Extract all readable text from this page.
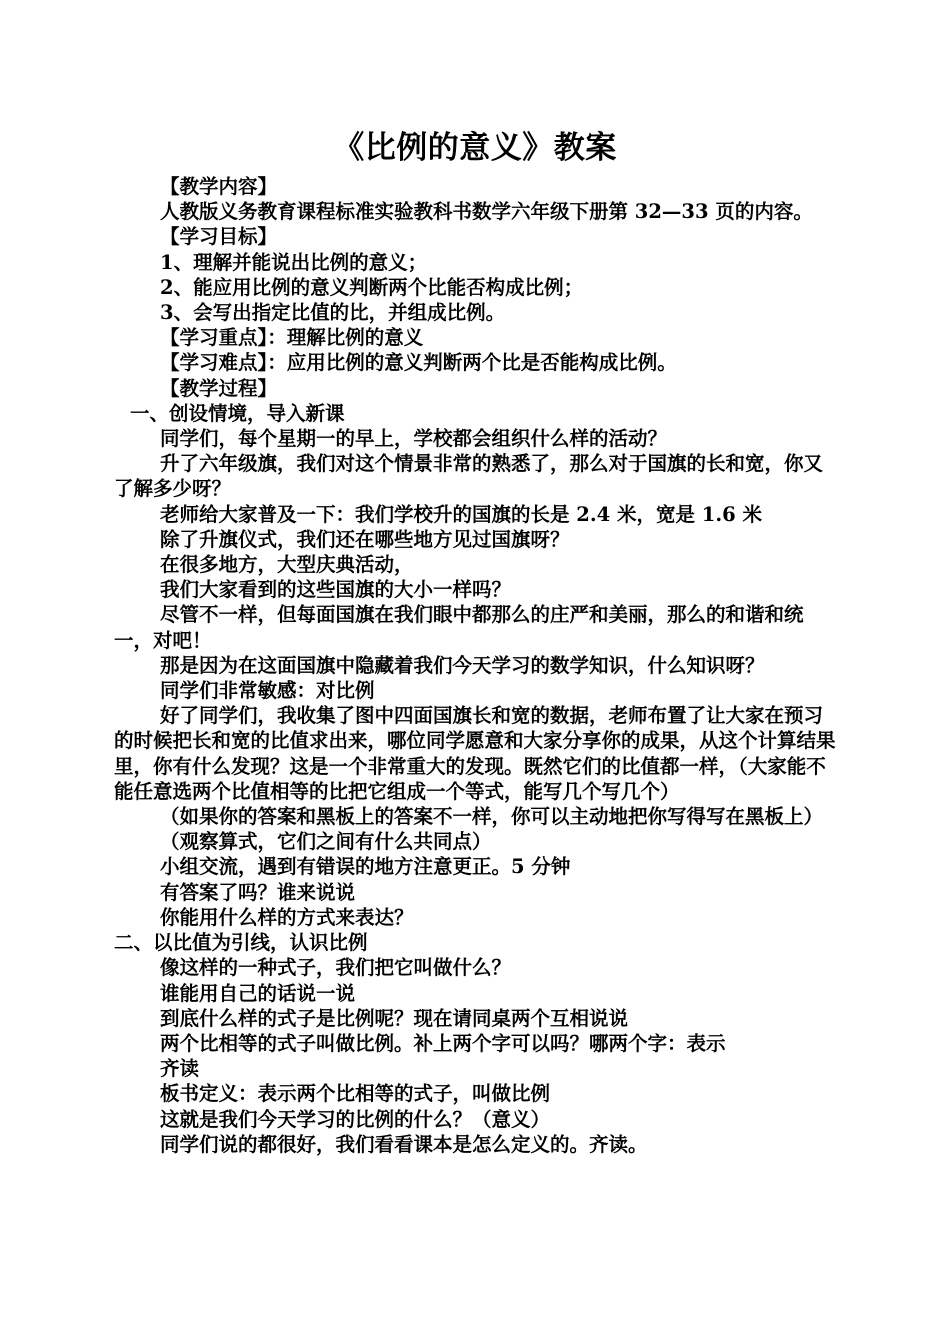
《比例的意义》教案
【教学内容】
人教版义务教育课程标准实验教科书数学六年级下册第 32—33 页的内容。
【学习目标】
1、理解并能说出比例的意义；
2、能应用比例的意义判断两个比能否构成比例；
3、会写出指定比值的比，并组成比例。
【学习重点】：理解比例的意义
【学习难点】：应用比例的意义判断两个比是否能构成比例。
【教学过程】
一、创设情境，导入新课
同学们，每个星期一的早上，学校都会组织什么样的活动？
升了六年级旗，我们对这个情景非常的熟悉了，那么对于国旗的长和宽，你又了解多少呀？
老师给大家普及一下：我们学校升的国旗的长是 2.4 米，宽是 1.6 米
除了升旗仪式，我们还在哪些地方见过国旗呀？
在很多地方，大型庆典活动，
我们大家看到的这些国旗的大小一样吗？
尽管不一样，但每面国旗在我们眼中都那么的庄严和美丽，那么的和谐和统一，对吧！
那是因为在这面国旗中隐藏着我们今天学习的数学知识，什么知识呀？
同学们非常敏感：对比例
好了同学们，我收集了图中四面国旗长和宽的数据，老师布置了让大家在预习的时候把长和宽的比值求出来，哪位同学愿意和大家分享你的成果，从这个计算结果里，你有什么发现？这是一个非常重大的发现。既然它们的比值都一样，（大家能不能任意选两个比值相等的比把它组成一个等式，能写几个写几个）
（如果你的答案和黑板上的答案不一样，你可以主动地把你写得写在黑板上）
（观察算式，它们之间有什么共同点）
小组交流，遇到有错误的地方注意更正。5 分钟
有答案了吗？谁来说说
你能用什么样的方式来表达？
二、以比值为引线，认识比例
像这样的一种式子，我们把它叫做什么？
谁能用自己的话说一说
到底什么样的式子是比例呢？现在请同桌两个互相说说
两个比相等的式子叫做比例。补上两个字可以吗？哪两个字：表示
齐读
板书定义：表示两个比相等的式子，叫做比例
这就是我们今天学习的比例的什么？（意义）
同学们说的都很好，我们看看课本是怎么定义的。齐读。
